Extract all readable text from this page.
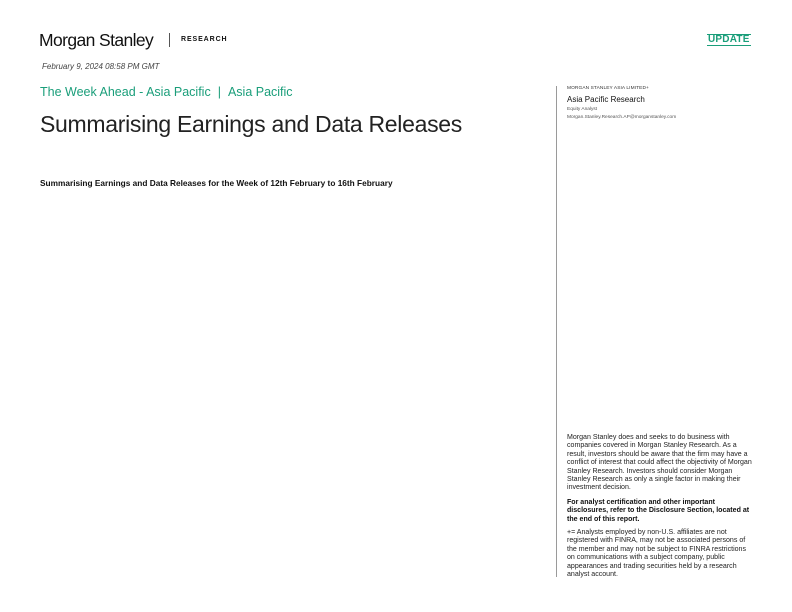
Morgan Stanley	RESEARCH	UPDATE
February 9, 2024 08:58 PM GMT
The Week Ahead - Asia Pacific | Asia Pacific
Summarising Earnings and Data Releases
Summarising Earnings and Data Releases for the Week of 12th February to 16th February
MORGAN STANLEY ASIA LIMITED+
Asia Pacific Research
Equity Analyst
Morgan.Stanley.Research.AP@morganstanley.com

Morgan Stanley does and seeks to do business with companies covered in Morgan Stanley Research. As a result, investors should be aware that the firm may have a conflict of interest that could affect the objectivity of Morgan Stanley Research. Investors should consider Morgan Stanley Research as only a single factor in making their investment decision.

For analyst certification and other important disclosures, refer to the Disclosure Section, located at the end of this report.

+= Analysts employed by non-U.S. affiliates are not registered with FINRA, may not be associated persons of the member and may not be subject to FINRA restrictions on communications with a subject company, public appearances and trading securities held by a research analyst account.
